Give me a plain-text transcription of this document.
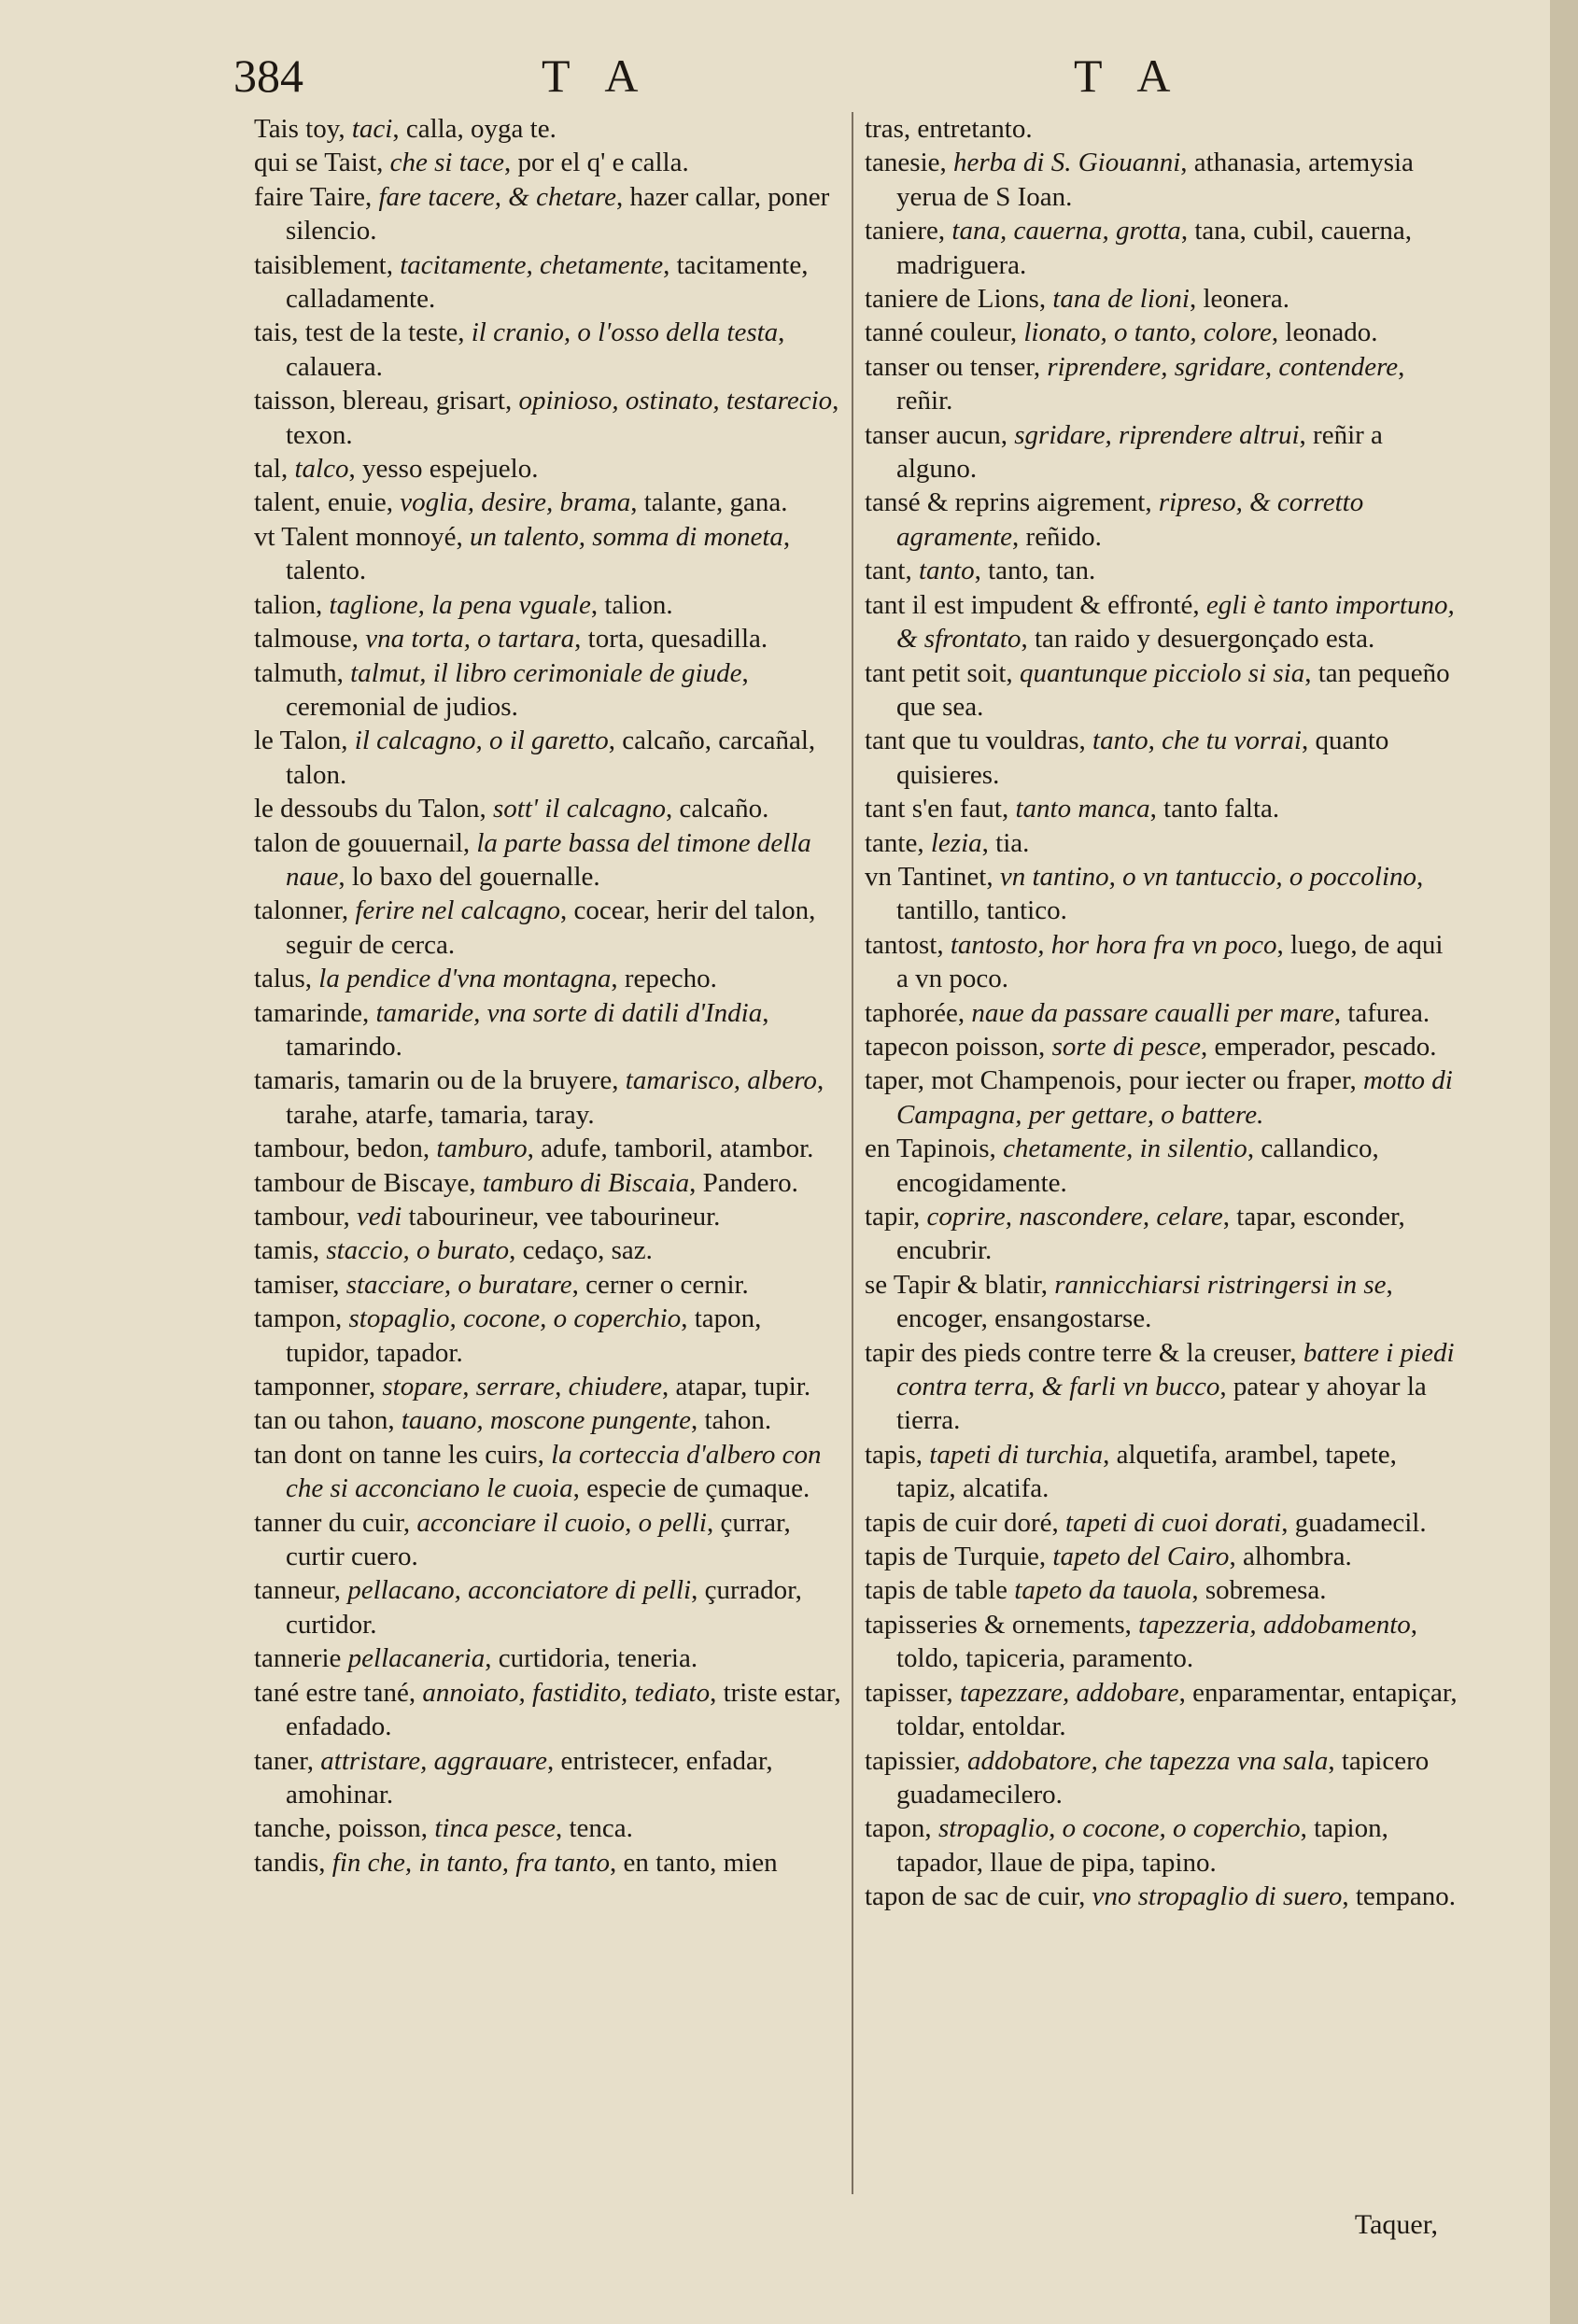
384	T A	T A

Tais toy, taci, calla, oyga te.

qui se Taist, che si tace, por el q' e calla.

faire Taire, fare tacere, & chetare, hazer callar, poner silencio.

taisiblement, tacitamente, chetamente, tacitamente, calladamente.

tais, test de la teste, il cranio, o l'osso della testa, calauera.

taisson, blereau, grisart, opinioso, ostinato, testarecio, texon.

tal, talco, yesso espejuelo.

talent, enuie, voglia, desire, brama, talante, gana.

vt Talent monnoyé, un talento, somma di moneta, talento.

talion, taglione, la pena vguale, talion.

talmouse, vna torta, o tartara, torta, quesadilla.

talmuth, talmut, il libro cerimoniale de giude, ceremonial de judios.

le Talon, il calcagno, o il garetto, calcaño, carcañal, talon.

le dessoubs du Talon, sott' il calcagno, calcaño.

talon de gouuernail, la parte bassa del timone della naue, lo baxo del gouernalle.

talonner, ferire nel calcagno, cocear, herir del talon, seguir de cerca.

talus, la pendice d'vna montagna, repecho.

tamarinde, tamaride, vna sorte di datili d'India, tamarindo.

tamaris, tamarin ou de la bruyere, tamarisco, albero, tarahe, atarfe, tamaria, taray.

tambour, bedon, tamburo, adufe, tamboril, atambor.

tambour de Biscaye, tamburo di Biscaia, Pandero.

tambour, vedi tabourineur, vee tabourineur.

tamis, staccio, o burato, cedaço, saz.

tamiser, stacciare, o buratare, cerner o cernir.

tampon, stopaglio, cocone, o coperchio, tapon, tupidor, tapador.

tamponner, stopare, serrare, chiudere, atapar, tupir.

tan ou tahon, tauano, moscone pungente, tahon.

tan dont on tanne les cuirs, la corteccia d'albero con che si acconciano le cuoia, especie de çumaque.

tanner du cuir, acconciare il cuoio, o pelli, çurrar, curtir cuero.

tanneur, pellacano, acconciatore di pelli, çurrador, curtidor.

tannerie pellacaneria, curtidoria, teneria.

tané estre tané, annoiato, fastidito, tediato, triste estar, enfadado.

taner, attristare, aggrauare, entristecer, enfadar, amohinar.

tanche, poisson, tinca pesce, tenca.

tandis, fin che, in tanto, fra tanto, en tanto, mien

tras, entretanto.

tanesie, herba di S. Giouanni, athanasia, artemysia yerua de S Ioan.

taniere, tana, cauerna, grotta, tana, cubil, cauerna, madriguera.

taniere de Lions, tana de lioni, leonera.

tanné couleur, lionato, o tanto, colore, leonado.

tanser ou tenser, riprendere, sgridare, contendere, reñir.

tanser aucun, sgridare, riprendere altrui, reñir a alguno.

tansé & reprins aigrement, ripreso, & corretto agramente, reñido.

tant, tanto, tanto, tan.

tant il est impudent & effronté, egli è tanto importuno, & sfrontato, tan raido y desuergonçado esta.

tant petit soit, quantunque picciolo si sia, tan pequeño que sea.

tant que tu vouldras, tanto, che tu vorrai, quanto quisieres.

tant s'en faut, tanto manca, tanto falta.

tante, lezia, tia.

vn Tantinet, vn tantino, o vn tantuccio, o poccolino, tantillo, tantico.

tantost, tantosto, hor hora fra vn poco, luego, de aqui a vn poco.

taphorée, naue da passare caualli per mare, tafurea.

tapecon poisson, sorte di pesce, emperador, pescado.

taper, mot Champenois, pour iecter ou fraper, motto di Campagna, per gettare, o battere.

en Tapinois, chetamente, in silentio, callandico, encogidamente.

tapir, coprire, nascondere, celare, tapar, esconder, encubrir.

se Tapir & blatir, rannicchiarsi ristringersi in se, encoger, ensangostarse.

tapir des pieds contre terre & la creuser, battere i piedi contra terra, & farli vn bucco, patear y ahoyar la tierra.

tapis, tapeti di turchia, alquetifa, arambel, tapete, tapiz, alcatifa.

tapis de cuir doré, tapeti di cuoi dorati, guadamecil.

tapis de Turquie, tapeto del Cairo, alhombra.

tapis de table tapeto da tauola, sobremesa.

tapisseries & ornements, tapezzeria, addobamento, toldo, tapiceria, paramento.

tapisser, tapezzare, addobare, enparamentar, entapiçar, toldar, entoldar.

tapissier, addobatore, che tapezza vna sala, tapicero guadamecilero.

tapon, stropaglio, o cocone, o coperchio, tapion, tapador, llaue de pipa, tapino.

tapon de sac de cuir, vno stropaglio di suero, tempano.

Taquer,
